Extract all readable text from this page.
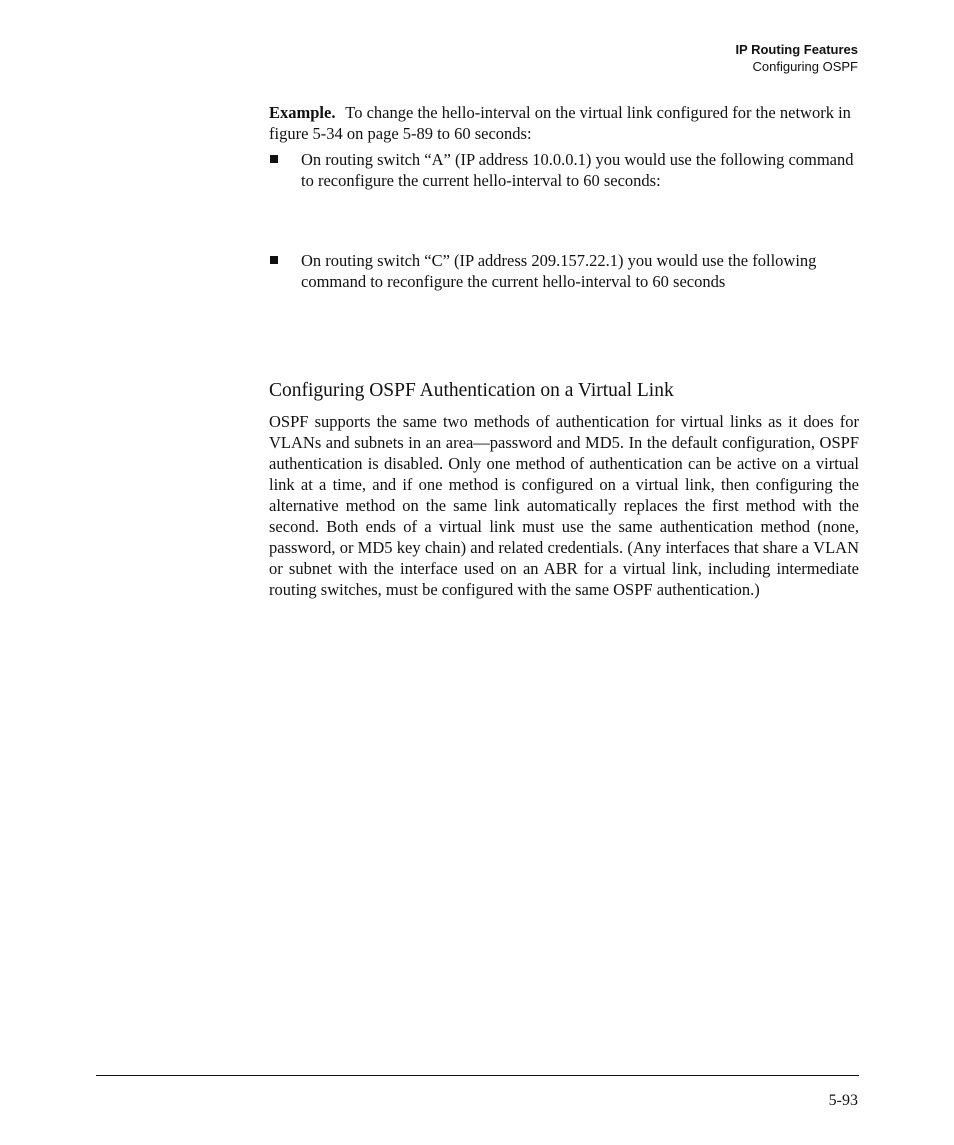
IP Routing Features
Configuring OSPF

Example. To change the hello-interval on the virtual link configured for the network in figure 5-34 on page 5-89 to 60 seconds:

On routing switch “A” (IP address 10.0.0.1) you would use the following command to reconfigure the current hello-interval to 60 seconds:
On routing switch “C” (IP address 209.157.22.1) you would use the following command to reconfigure the current hello-interval to 60 seconds
Configuring OSPF Authentication on a Virtual Link

OSPF supports the same two methods of authentication for virtual links as it does for VLANs and subnets in an area—password and MD5. In the default configuration, OSPF authentication is disabled. Only one method of authentication can be active on a virtual link at a time, and if one method is configured on a virtual link, then configuring the alternative method on the same link automatically replaces the first method with the second. Both ends of a virtual link must use the same authentication method (none, password, or MD5 key chain) and related credentials. (Any interfaces that share a VLAN or subnet with the interface used on an ABR for a virtual link, including intermediate routing switches, must be configured with the same OSPF authentication.)

5-93
